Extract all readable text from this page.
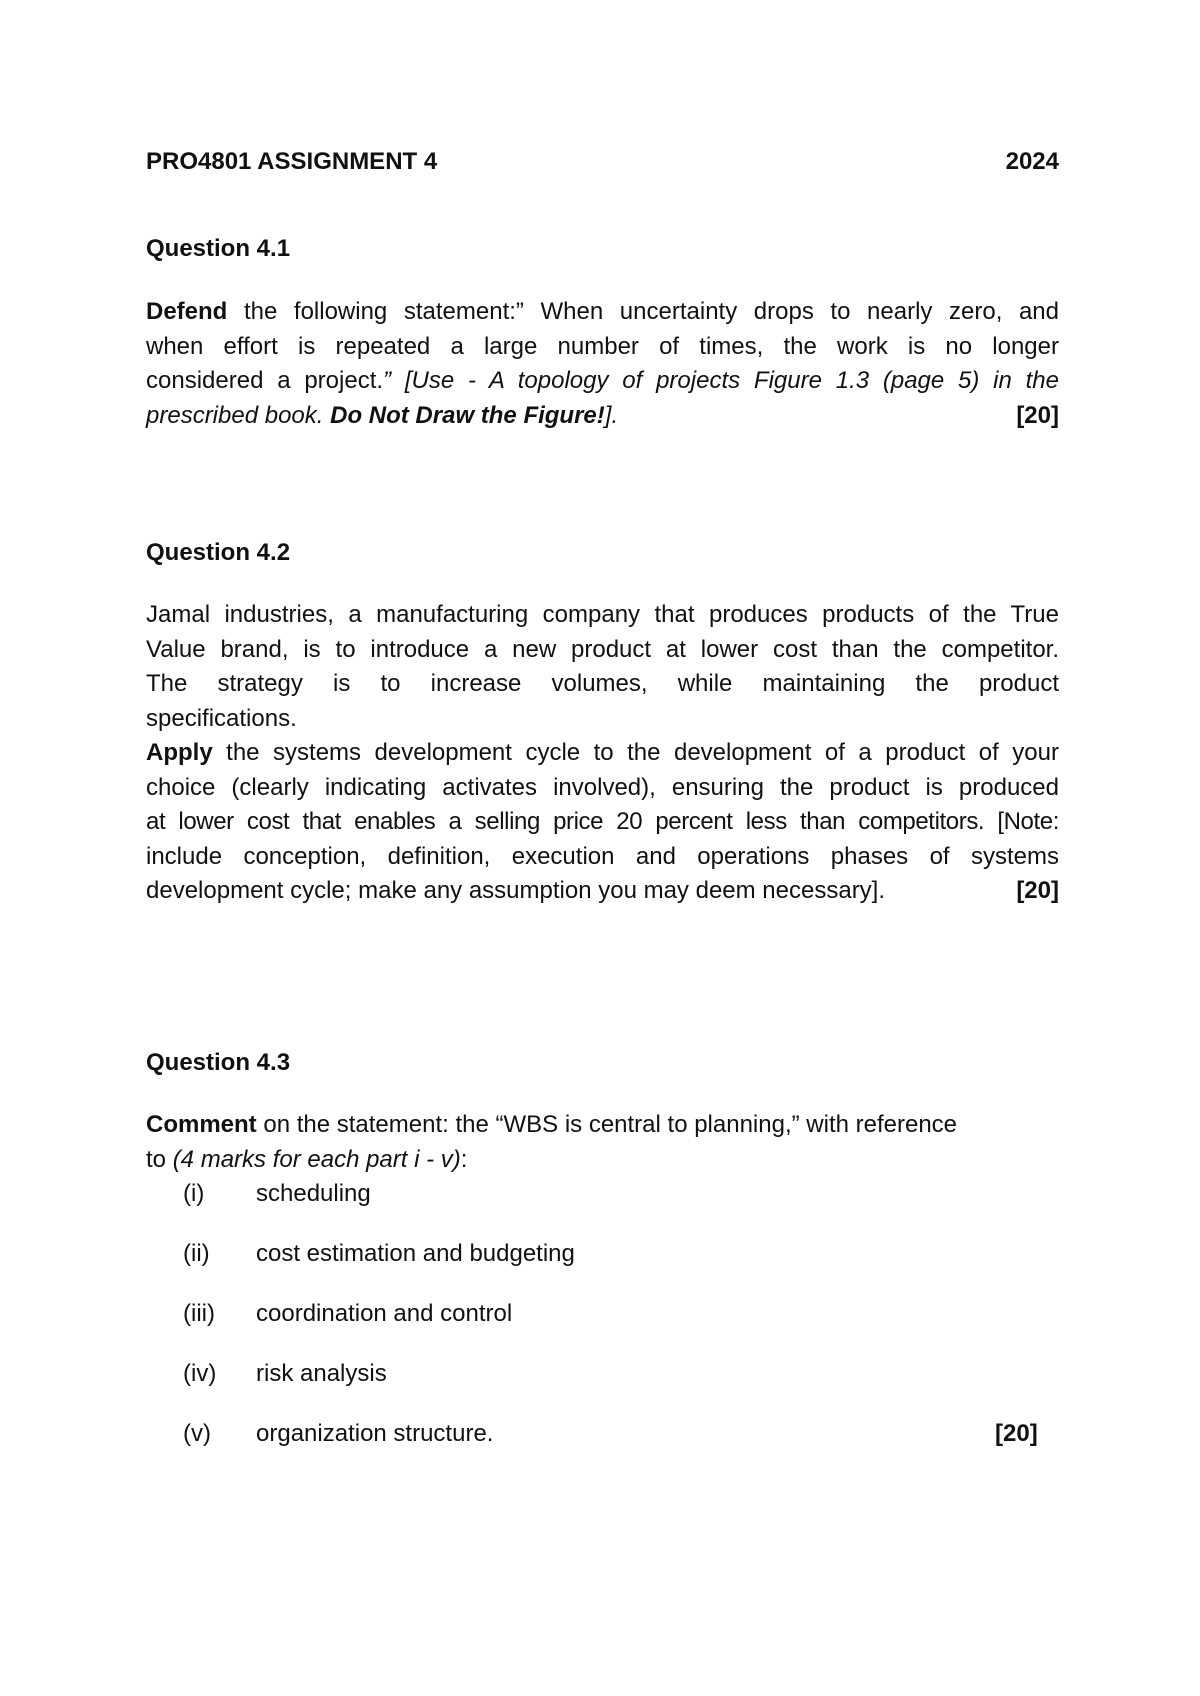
PRO4801 ASSIGNMENT 4	2024
Question 4.1
Defend the following statement:” When uncertainty drops to nearly zero, and
when effort is repeated a large number of times, the work is no longer
considered a project.” [Use - A topology of projects Figure 1.3 (page 5) in the
prescribed book. Do Not Draw the Figure!].	[20]
Question 4.2
Jamal industries, a manufacturing company that produces products of the True
Value brand, is to introduce a new product at lower cost than the competitor.
The strategy is to increase volumes, while maintaining the product
specifications.
Apply the systems development cycle to the development of a product of your
choice (clearly indicating activates involved), ensuring the product is produced
at lower cost that enables a selling price 20 percent less than competitors. [Note:
include conception, definition, execution and operations phases of systems
development cycle; make any assumption you may deem necessary].	[20]
Question 4.3
Comment on the statement: the “WBS is central to planning,” with reference
to (4 marks for each part i - v):
(i)	scheduling
(ii)	cost estimation and budgeting
(iii)	coordination and control
(iv)	risk analysis
(v)	organization structure.	[20]
